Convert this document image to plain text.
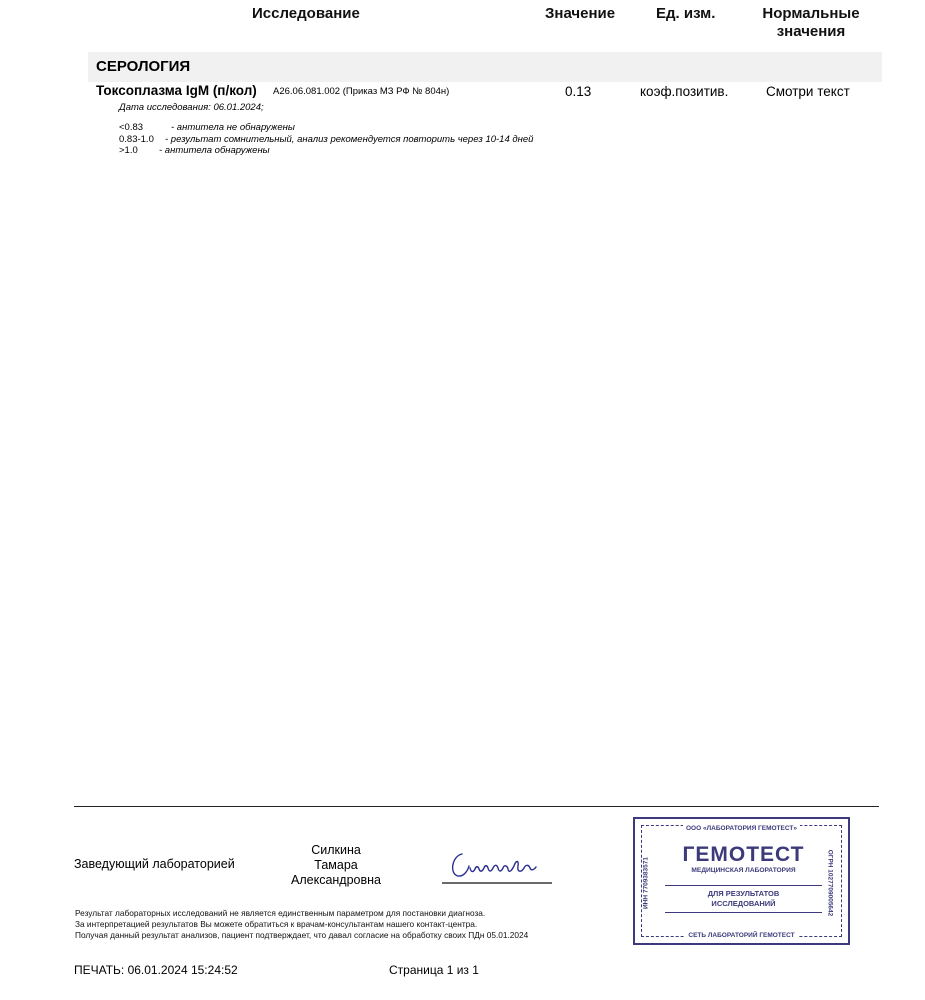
Исследование	Значение	Ед. изм.	Нормальные
значения
СЕРОЛОГИЯ
Токсоплазма IgM (п/кол) A26.06.081.002 (Приказ МЗ РФ № 804н)	0.13	коэф.позитив.	Смотри текст
Дата исследования: 06.01.2024;
<0.83	- антитела не обнаружены
0.83-1.0 - результат сомнительный, анализ рекомендуется повторить через 10-14 дней
>1.0 - антитела обнаружены
Заведующий лабораторией
Силкина Тамара
Александровна
Результат лабораторных исследований не является единственным параметром для постановки диагноза.
За интерпретацией результатов Вы можете обратиться к врачам-консультантам нашего контакт-центра.
Получая данный результат анализов, пациент подтверждает, что давал согласие на обработку своих ПДн 05.01.2024
ПЕЧАТЬ: 06.01.2024 15:24:52	Страница 1 из 1
ООО «ЛАБОРАТОРИЯ ГЕМОТЕСТ»
СЕТЬ ЛАБОРАТОРИЙ ГЕМОТЕСТ
ГЕМОТЕСТ
МЕДИЦИНСКАЯ ЛАБОРАТОРИЯ
ДЛЯ РЕЗУЛЬТАТОВ
ИССЛЕДОВАНИЙ
ИНН 7709383571	ОГРН 1027709005642
